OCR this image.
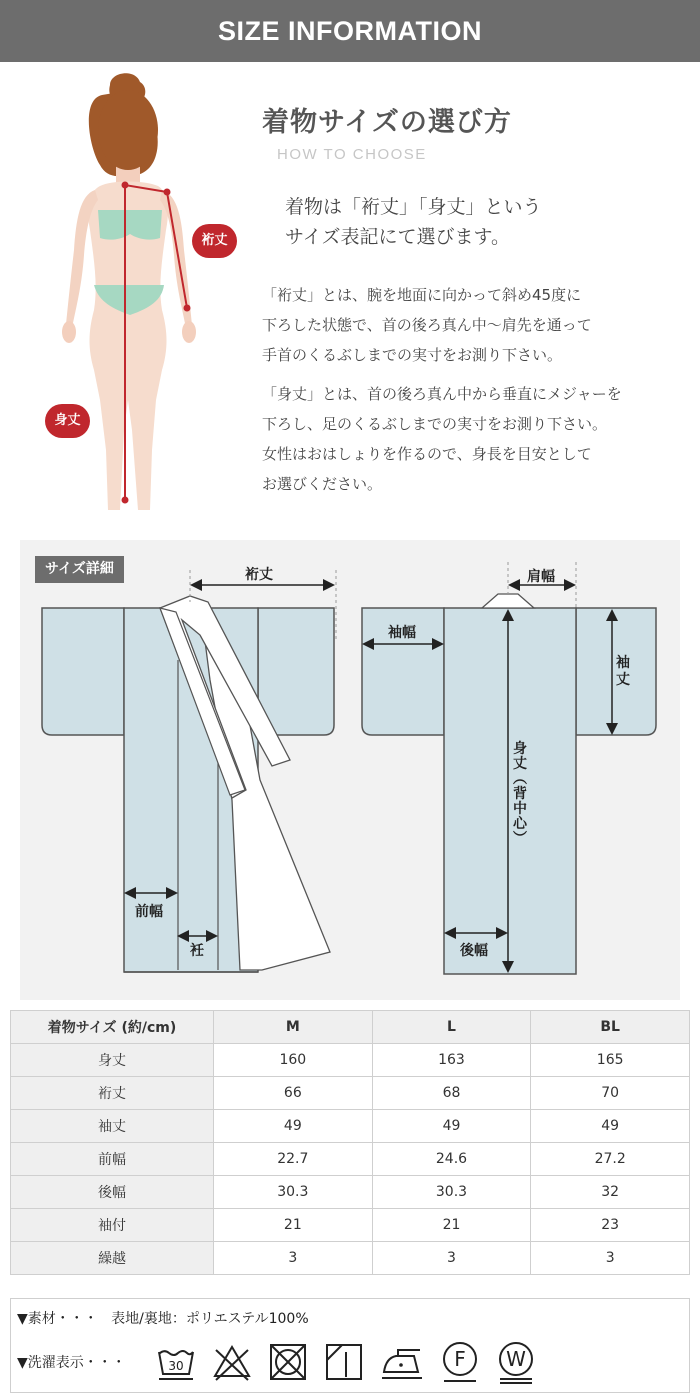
SIZE INFORMATION
裄丈
身丈
着物サイズの選び方
HOW TO CHOOSE
着物は「裄丈」「身丈」という
サイズ表記にて選びます。
「裄丈」とは、腕を地面に向かって斜め45度に
下ろした状態で、首の後ろ真ん中～肩先を通って
手首のくるぶしまでの実寸をお測り下さい。
「身丈」とは、首の後ろ真ん中から垂直にメジャーを
下ろし、足のくるぶしまでの実寸をお測り下さい。
女性はおはしょりを作るので、身長を目安として
お選びください。
サイズ詳細	裄丈	肩幅
袖幅
袖
丈
身
丈
︵
背
中
心
︶
前幅
衽	後幅
着物サイズ (約/cm)	M	L	BL
身丈	160	163	165
裄丈	66	68	70
袖丈	49	49	49
前幅	22.7	24.6	27.2
後幅	30.3	30.3	32
袖付	21	21	23
繰越	3	3	3
▼素材・・・ 表地/裏地：ポリエステル100%
▼洗濯表示・・・	30	F W
